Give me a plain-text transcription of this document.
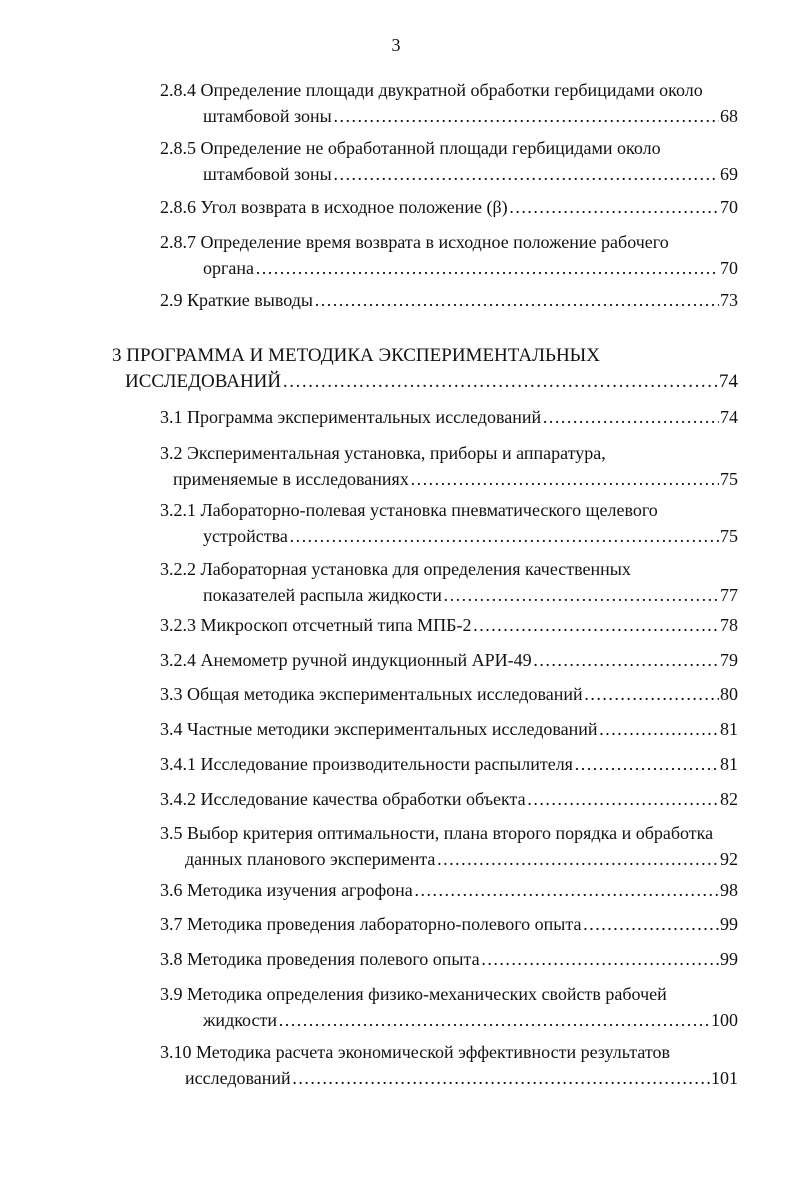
3
2.8.4 Определение площади двукратной обработки гербицидами около
штамбовой зоны ……………………………………………………………………………………………………………………………………………………	68
2.8.5 Определение не обработанной площади гербицидами около
штамбовой зоны ……………………………………………………………………………………………………………………………………………………	69
2.8.6 Угол возврата в исходное положение (β) ……………………………………………………………………………………………………………………………………………………	70
2.8.7 Определение время возврата в исходное положение рабочего
органа ……………………………………………………………………………………………………………………………………………………	70
2.9 Краткие выводы ……………………………………………………………………………………………………………………………………………………	73
3 ПРОГРАММА И МЕТОДИКА ЭКСПЕРИМЕНТАЛЬНЫХ
ИССЛЕДОВАНИЙ ……………………………………………………………………………………………………………………………………………………	74
3.1 Программа экспериментальных исследований ……………………………………………………………………………………………………………………………………………………	74
3.2 Экспериментальная установка, приборы и аппаратура,
применяемые в исследованиях ……………………………………………………………………………………………………………………………………………………	75
3.2.1 Лабораторно-полевая установка пневматического щелевого
устройства ……………………………………………………………………………………………………………………………………………………	75
3.2.2 Лабораторная установка для определения качественных
показателей распыла жидкости ……………………………………………………………………………………………………………………………………………………	77
3.2.3 Микроскоп отсчетный типа МПБ-2 ……………………………………………………………………………………………………………………………………………………	78
3.2.4 Анемометр ручной индукционный АРИ-49 ……………………………………………………………………………………………………………………………………………………	79
3.3 Общая методика экспериментальных исследований ……………………………………………………………………………………………………………………………………………………	80
3.4 Частные методики экспериментальных исследований ……………………………………………………………………………………………………………………………………………………	81
3.4.1 Исследование производительности распылителя ……………………………………………………………………………………………………………………………………………………	81
3.4.2 Исследование качества обработки объекта ……………………………………………………………………………………………………………………………………………………	82
3.5 Выбор критерия оптимальности, плана второго порядка и обработка
данных планового эксперимента ……………………………………………………………………………………………………………………………………………………	92
3.6 Методика изучения агрофона ……………………………………………………………………………………………………………………………………………………	98
3.7 Методика проведения лабораторно-полевого опыта ……………………………………………………………………………………………………………………………………………………	99
3.8 Методика проведения полевого опыта ……………………………………………………………………………………………………………………………………………………	99
3.9 Методика определения физико-механических свойств рабочей
жидкости ……………………………………………………………………………………………………………………………………………………	100
3.10 Методика расчета экономической эффективности результатов
исследований ……………………………………………………………………………………………………………………………………………………	101
